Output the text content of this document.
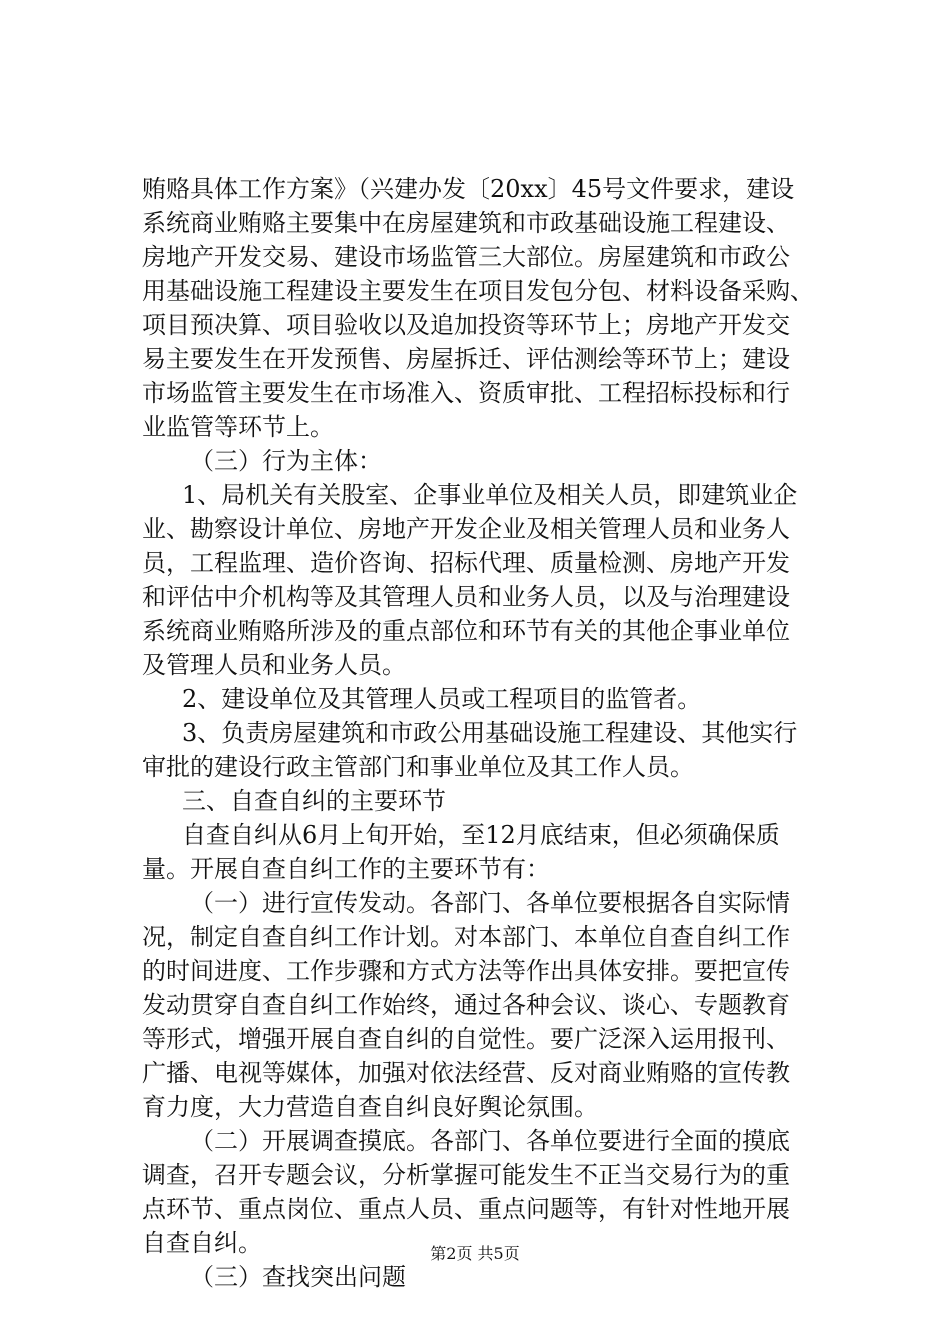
贿赂具体工作方案》（兴建办发〔20xx〕45号文件要求，建设
系统商业贿赂主要集中在房屋建筑和市政基础设施工程建设、
房地产开发交易、建设市场监管三大部位。房屋建筑和市政公
用基础设施工程建设主要发生在项目发包分包、材料设备采购、
项目预决算、项目验收以及追加投资等环节上；房地产开发交
易主要发生在开发预售、房屋拆迁、评估测绘等环节上；建设
市场监管主要发生在市场准入、资质审批、工程招标投标和行
业监管等环节上。
（三）行为主体：
1、局机关有关股室、企事业单位及相关人员，即建筑业企
业、勘察设计单位、房地产开发企业及相关管理人员和业务人
员，工程监理、造价咨询、招标代理、质量检测、房地产开发
和评估中介机构等及其管理人员和业务人员，以及与治理建设
系统商业贿赂所涉及的重点部位和环节有关的其他企事业单位
及管理人员和业务人员。
2、建设单位及其管理人员或工程项目的监管者。
3、负责房屋建筑和市政公用基础设施工程建设、其他实行
审批的建设行政主管部门和事业单位及其工作人员。
三、自查自纠的主要环节
自查自纠从6月上旬开始，至12月底结束，但必须确保质
量。开展自查自纠工作的主要环节有：
（一）进行宣传发动。各部门、各单位要根据各自实际情
况，制定自查自纠工作计划。对本部门、本单位自查自纠工作
的时间进度、工作步骤和方式方法等作出具体安排。要把宣传
发动贯穿自查自纠工作始终，通过各种会议、谈心、专题教育
等形式，增强开展自查自纠的自觉性。要广泛深入运用报刊、
广播、电视等媒体，加强对依法经营、反对商业贿赂的宣传教
育力度，大力营造自查自纠良好舆论氛围。
（二）开展调查摸底。各部门、各单位要进行全面的摸底
调查，召开专题会议，分析掌握可能发生不正当交易行为的重
点环节、重点岗位、重点人员、重点问题等，有针对性地开展
自查自纠。
（三）查找突出问题
第2页 共5页
